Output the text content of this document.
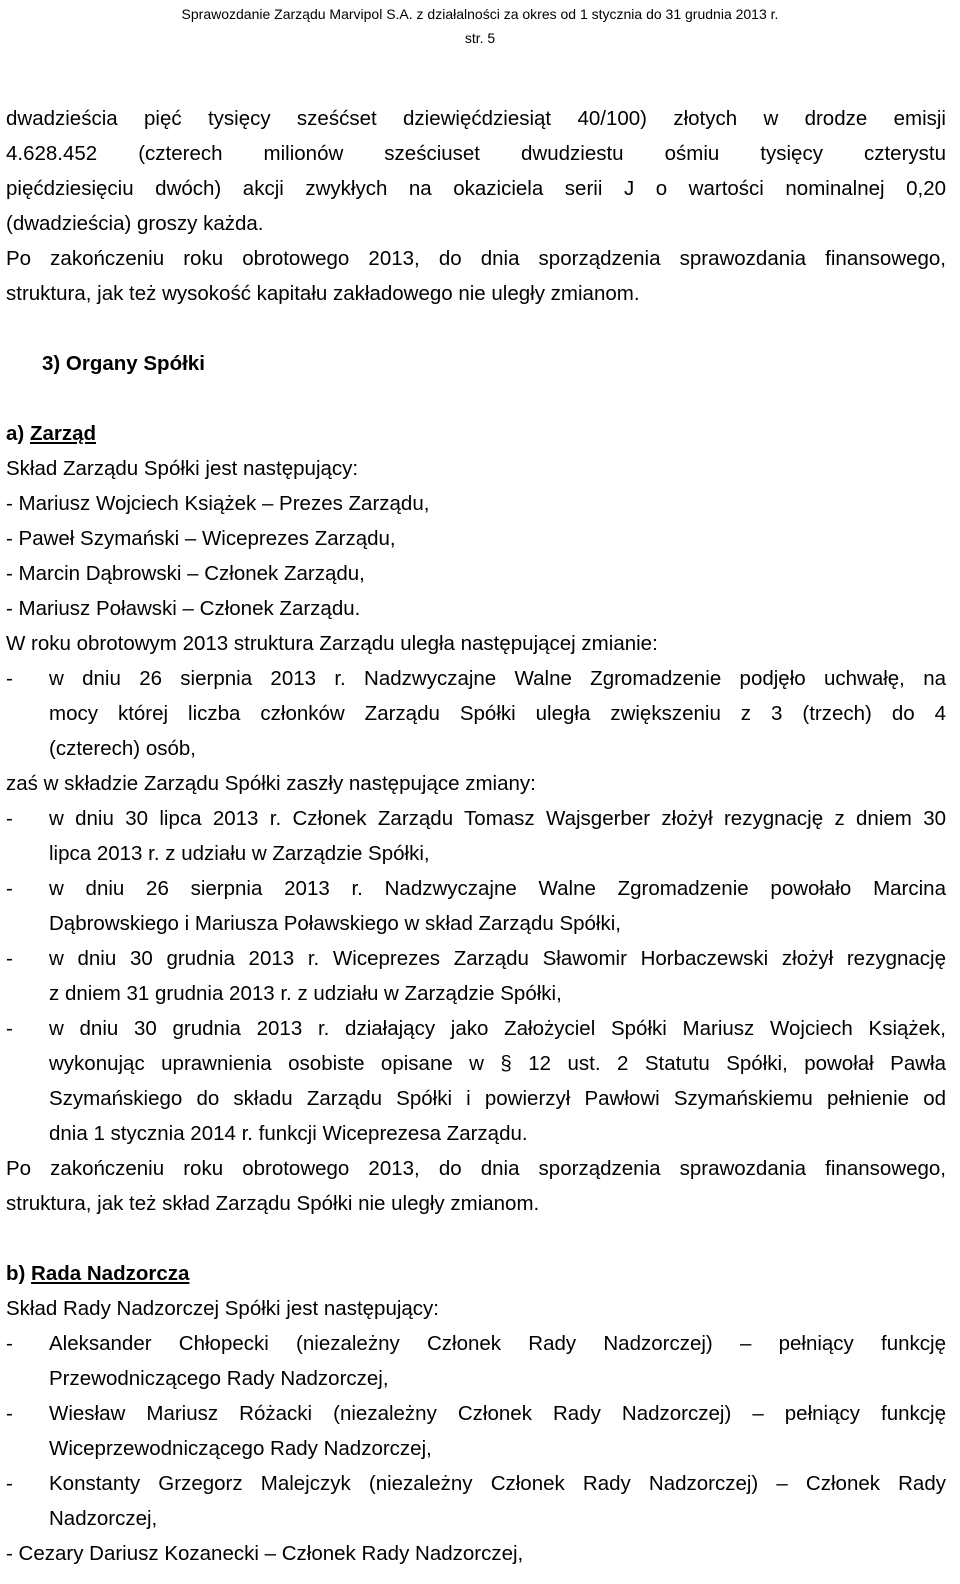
Sprawozdanie Zarządu Marvipol S.A. z działalności za okres od 1 stycznia do 31 grudnia 2013 r.
str. 5
dwadzieścia pięć tysięcy sześćset dziewięćdziesiąt 40/100) złotych w drodze emisji
4.628.452 (czterech milionów sześciuset dwudziestu ośmiu tysięcy czterystu
pięćdziesięciu dwóch) akcji zwykłych na okaziciela serii J o wartości nominalnej 0,20
(dwadzieścia) groszy każda.
Po zakończeniu roku obrotowego 2013, do dnia sporządzenia sprawozdania finansowego,
struktura, jak też wysokość kapitału zakładowego nie uległy zmianom.
3) Organy Spółki
a) Zarząd
Skład Zarządu Spółki jest następujący:
- Mariusz Wojciech Książek – Prezes Zarządu,
- Paweł Szymański – Wiceprezes Zarządu,
- Marcin Dąbrowski – Członek Zarządu,
- Mariusz Poławski – Członek Zarządu.
W roku obrotowym 2013 struktura Zarządu uległa następującej zmianie:
- w dniu 26 sierpnia 2013 r. Nadzwyczajne Walne Zgromadzenie podjęło uchwałę, na
mocy której liczba członków Zarządu Spółki uległa zwiększeniu z 3 (trzech) do 4
(czterech) osób,
zaś w składzie Zarządu Spółki zaszły następujące zmiany:
- w dniu 30 lipca 2013 r. Członek Zarządu Tomasz Wajsgerber złożył rezygnację z dniem 30
lipca 2013 r. z udziału w Zarządzie Spółki,
- w dniu 26 sierpnia 2013 r. Nadzwyczajne Walne Zgromadzenie powołało Marcina
Dąbrowskiego i Mariusza Poławskiego w skład Zarządu Spółki,
- w dniu 30 grudnia 2013 r. Wiceprezes Zarządu Sławomir Horbaczewski złożył rezygnację
z dniem 31 grudnia 2013 r. z udziału w Zarządzie Spółki,
- w dniu 30 grudnia 2013 r. działający jako Założyciel Spółki Mariusz Wojciech Książek,
wykonując uprawnienia osobiste opisane w § 12 ust. 2 Statutu Spółki, powołał Pawła
Szymańskiego do składu Zarządu Spółki i powierzył Pawłowi Szymańskiemu pełnienie od
dnia 1 stycznia 2014 r. funkcji Wiceprezesa Zarządu.
Po zakończeniu roku obrotowego 2013, do dnia sporządzenia sprawozdania finansowego,
struktura, jak też skład Zarządu Spółki nie uległy zmianom.
b) Rada Nadzorcza
Skład Rady Nadzorczej Spółki jest następujący:
- Aleksander Chłopecki (niezależny Członek Rady Nadzorczej) – pełniący funkcję
Przewodniczącego Rady Nadzorczej,
- Wiesław Mariusz Różacki (niezależny Członek Rady Nadzorczej) – pełniący funkcję
Wiceprzewodniczącego Rady Nadzorczej,
- Konstanty Grzegorz Malejczyk (niezależny Członek Rady Nadzorczej) – Członek Rady
Nadzorczej,
- Cezary Dariusz Kozanecki – Członek Rady Nadzorczej,
